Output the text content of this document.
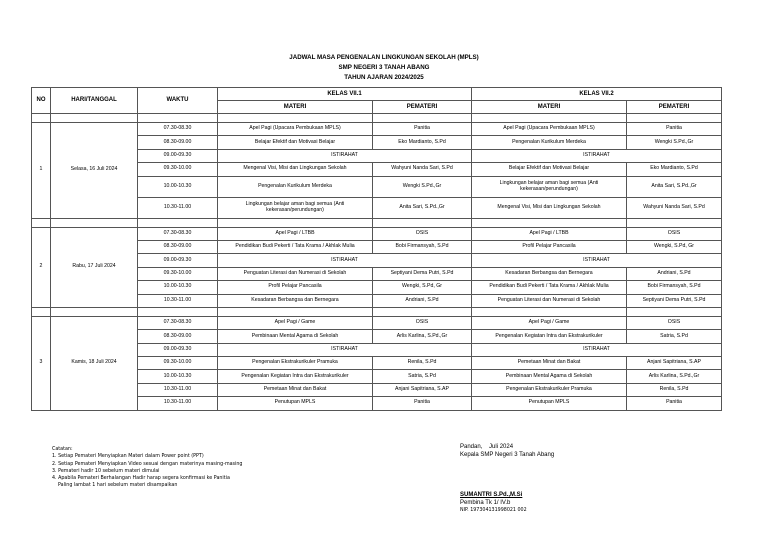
JADWAL MASA PENGENALAN LINGKUNGAN SEKOLAH (MPLS)
SMP NEGERI 3 TANAH ABANG
TAHUN AJARAN 2024/2025
NO	HARI/TANGGAL	WAKTU	KELAS VII.1		KELAS VII.2	
			MATERI	PEMATERI	MATERI	PEMATERI

1	Selasa, 16 Juli 2024	07.30-08.30	Apel Pagi (Upacara Pembukaan MPLS)	Panitia	Apel Pagi (Upacara Pembukaan MPLS)	Panitia
		08.30-09.00	Belajar Efektif dan Motivasi Belajar	Eko Mardianto, S.Pd	Pengenalan Kurikulum Merdeka	Wengki S.Pd.,Gr
		09.00-09.30	ISTIRAHAT		ISTIRAHAT	
		09.30-10.00	Mengenal Visi, Misi dan Lingkungan Sekolah	Wahyuni Nanda Sari, S.Pd	Belajar Efektif dan Motivasi Belajar	Eko Mardianto, S.Pd
		10.00-10.30	Pengenalan Kurikulum Merdeka	Wengki S.Pd.,Gr	Lingkungan belajar aman bagi semua (Anti kekerasan/perundungan)	Anita Sari, S.Pd.,Gr
		10.30-11.00	Lingkungan belajar aman bagi semua (Anti kekerasan/perundungan)	Anita Sari, S.Pd.,Gr	Mengenal Visi, Misi dan Lingkungan Sekolah	Wahyuni Nanda Sari, S.Pd

2	Rabu, 17 Juli 2024	07.30-08.30	Apel Pagi / LTBB	OSIS	Apel Pagi / LTBB	OSIS
		08.30-09.00	Pendidikan Budi Pekerti / Tata Krama / Akhlak Mulia	Bobi Firmansyah, S.Pd	Profil Pelajar Pancasila	Wengki, S.Pd, Gr
		09.00-09.30	ISTIRAHAT		ISTIRAHAT	
		09.30-10.00	Penguatan Literasi dan Numerasi di Sekolah	Septiyani Dema Putri, S.Pd	Kesadaran Berbangsa dan Bernegara	Andriani, S.Pd
		10.00-10.30	Profil Pelajar Pancasila	Wengki, S.Pd, Gr	Pendidikan Budi Pekerti / Tata Krama / Akhlak Mulia	Bobi Firmansyah, S.Pd
		10.30-11.00	Kesadaran Berbangsa dan Bernegara	Andriani, S.Pd	Penguatan Literasi dan Numerasi di Sekolah	Septiyani Dema Putri, S.Pd

3	Kamis, 18 Juli 2024	07.30-08.30	Apel Pagi / Game	OSIS	Apel Pagi / Game	OSIS
		08.30-09.00	Pembinaan Mental Agama di Sekolah	Arlis Karlina, S.Pd.,Gr	Pengenalan Kegiatan Intra dan Ekstrakurikuler	Satria, S.Pd
		09.00-09.30	ISTIRAHAT		ISTIRAHAT	
		09.30-10.00	Pengenalan Ekstrakurikuler Pramuka	Renila, S.Pd	Pemetaan Minat dan Bakat	Anjani Sapitriana, S.AP
		10.00-10.30	Pengenalan Kegiatan Intra dan Ekstrakurikuler	Satria, S.Pd	Pembinaan Mental Agama di Sekolah	Arlis Karlina, S.Pd.,Gr
		10.30-11.00	Pemetaan Minat dan Bakat	Anjani Sapitriana, S.AP	Pengenalan Ekstrakurikuler Pramuka	Renila, S.Pd
		10.30-11.00	Penutupan MPLS	Panitia	Penutupan MPLS	Panitia
Catatan:
1. Setiap Pemateri Menyiapkan Materi dalam Power point (PPT)
2. Setiap Pemateri Menyiapkan Video sesuai dengan materinya masing-masing
3. Pemateri hadir 10 sebelum materi dimulai
4. Apabila Pemateri Berhalangan Hadir harap segera konfirmasi ke Panitia
Paling lambat 1 hari sebelum materi disampaikan
Pandan,    Juli 2024
Kepala SMP Negeri 3 Tanah Abang
SUMANTRI S.Pd.,M.Si
Pembina Tk 1/ IV.b
NIP. 197304131998021 002
